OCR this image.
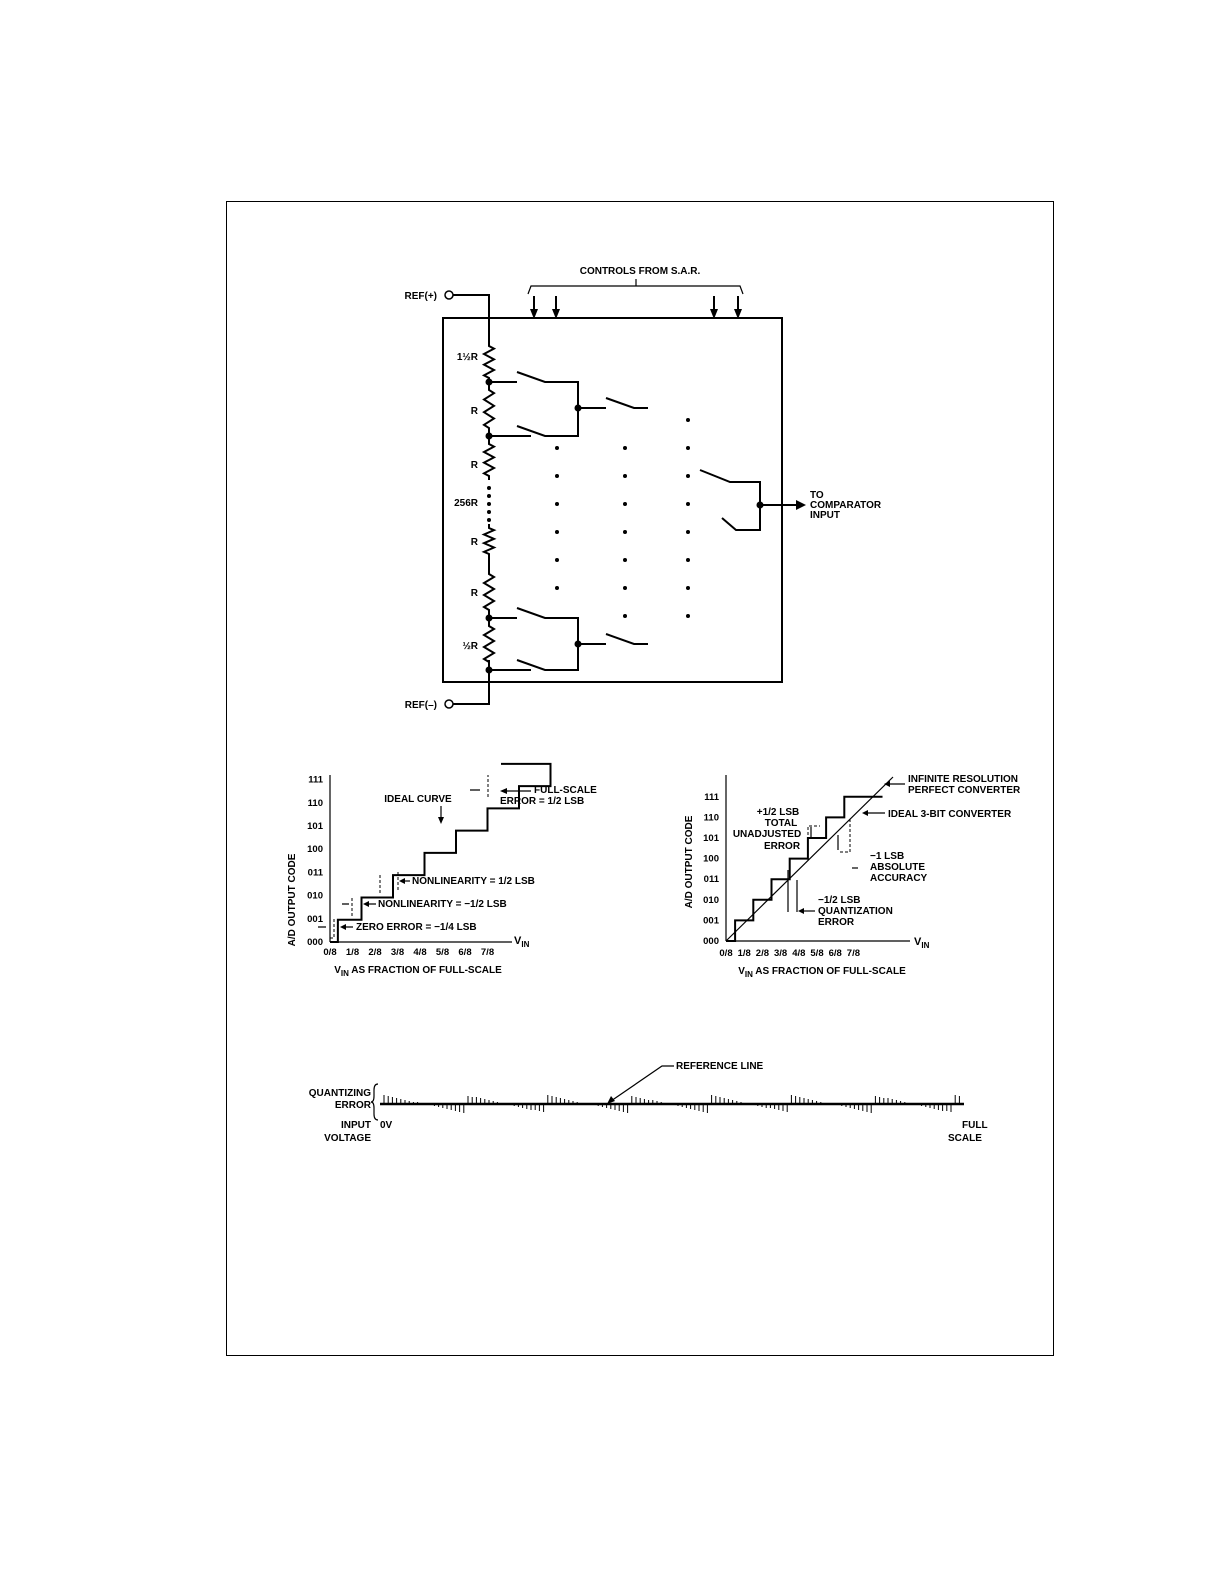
CONTROLS FROM S.A.R.
REF(+)
REF(–)
1½R
R
R
256R
R
R
½R
TO
COMPARATOR
INPUT
A/D OUTPUT CODE 000
001
010
011
100
101
110
111
0/8 1/8 2/8 3/8 4/8 5/8 6/8 7/8
$V_{IN}$
$V_{IN}$ AS FRACTION OF FULL-SCALE
FULL-SCALE
ERROR = 1/2 LSB
IDEAL CURVE
NONLINEARITY = 1/2 LSB
NONLINEARITY = −1/2 LSB
ZERO ERROR = −1/4 LSB
A/D OUTPUT CODE
000
001
010
011
100
101
110
111
0/8 1/8 2/8 3/8 4/8 5/8 6/8 7/8
$V_{IN}$
$V_{IN}$ AS FRACTION OF FULL-SCALE
INFINITE RESOLUTION
PERFECT CONVERTER
IDEAL 3-BIT CONVERTER
+1/2 LSB
TOTAL
UNADJUSTED
ERROR
−1 LSB
ABSOLUTE
ACCURACY
−1/2 LSB
QUANTIZATION
ERROR
QUANTIZING
ERROR
INPUT
VOLTAGE
0V	FULL
SCALE
REFERENCE LINE
